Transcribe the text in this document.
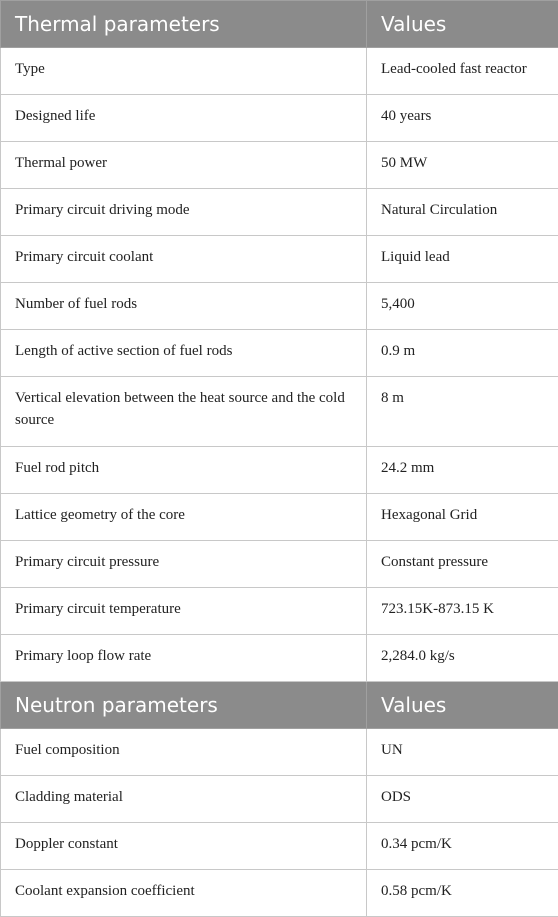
Thermal parameters	Values
Type	Lead-cooled fast reactor
Designed life	40 years
Thermal power	50 MW
Primary circuit driving mode	Natural Circulation
Primary circuit coolant	Liquid lead
Number of fuel rods	5,400
Length of active section of fuel rods	0.9 m
Vertical elevation between the heat source and the cold source	8 m
Fuel rod pitch	24.2 mm
Lattice geometry of the core	Hexagonal Grid
Primary circuit pressure	Constant pressure
Primary circuit temperature	723.15K-873.15 K
Primary loop flow rate	2,284.0 kg/s
Neutron parameters	Values
Fuel composition	UN
Cladding material	ODS
Doppler constant	0.34 pcm/K
Coolant expansion coefficient	0.58 pcm/K
